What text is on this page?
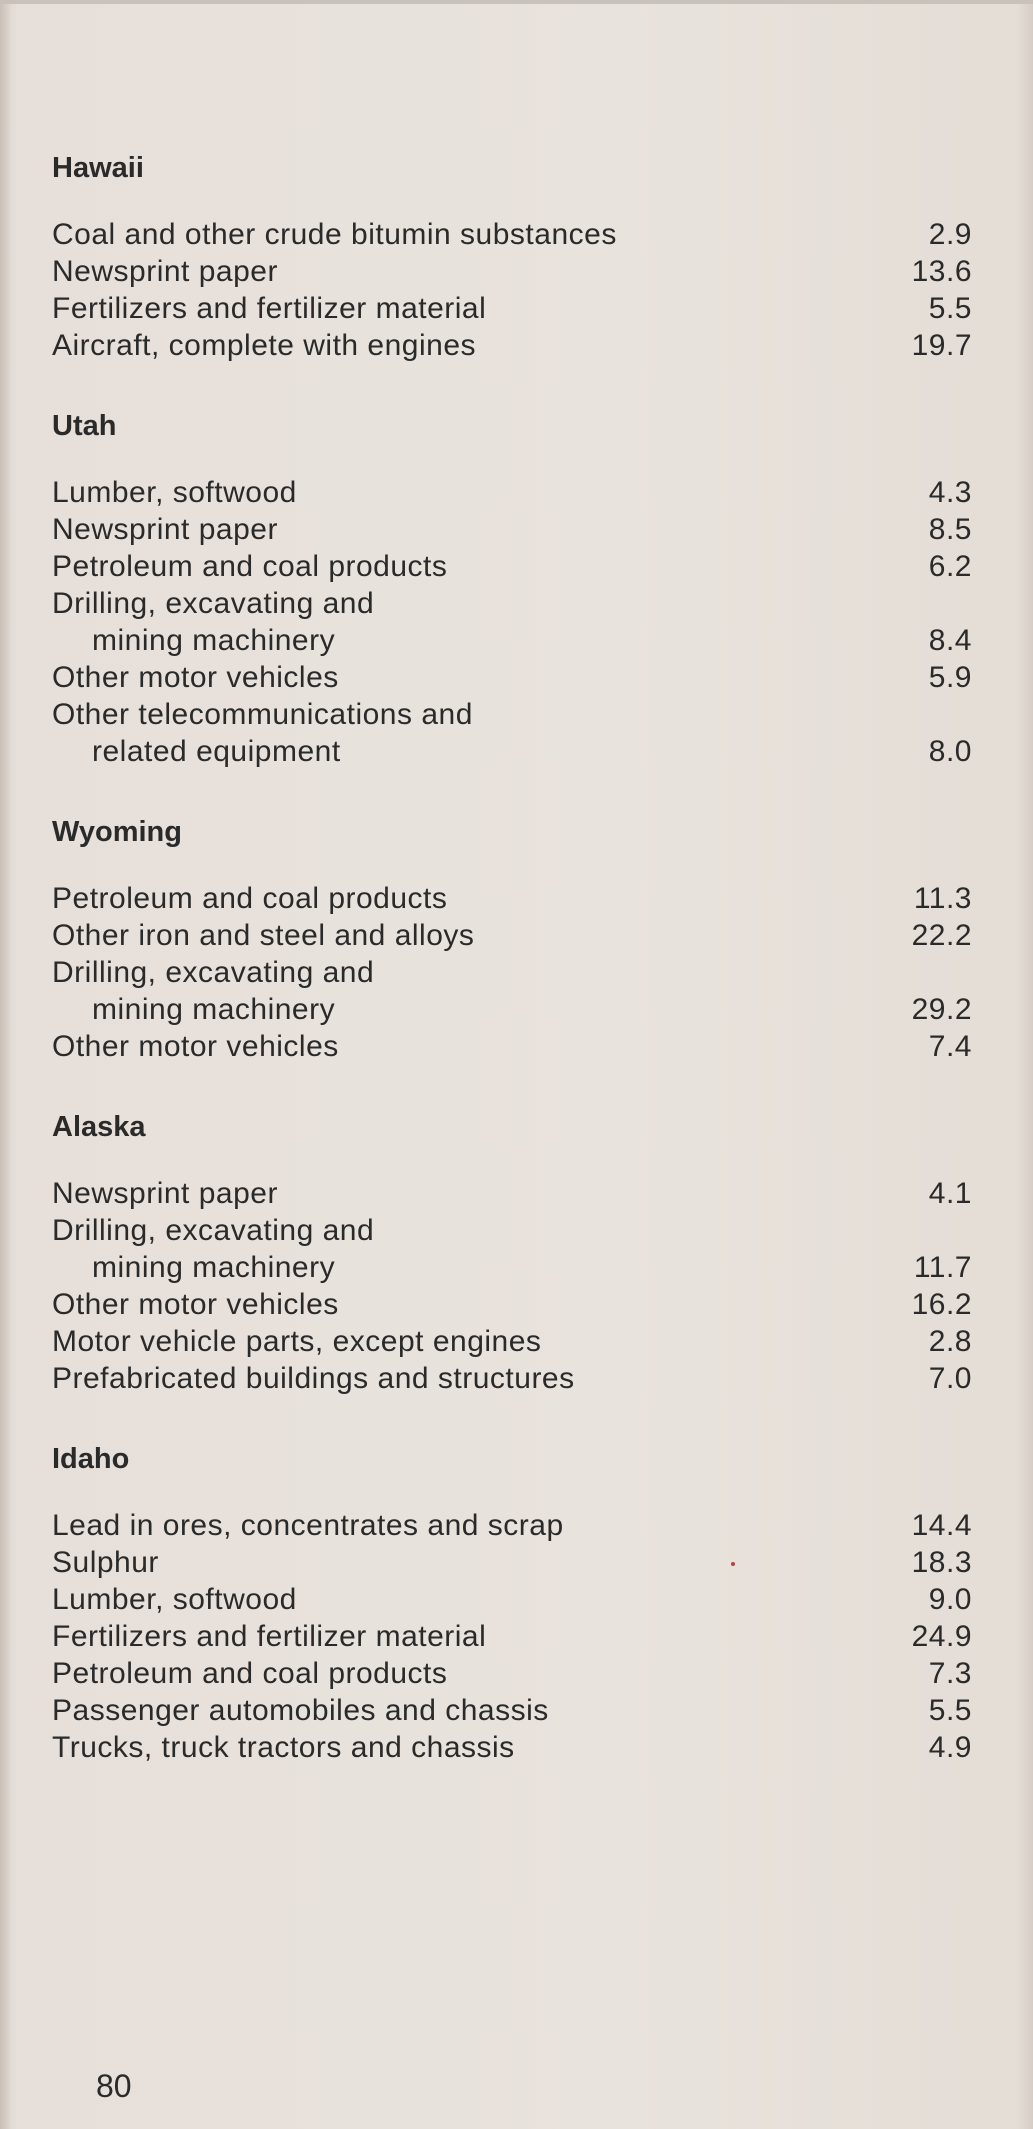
Hawaii
Coal and other crude bitumin substances	2.9
Newsprint paper	13.6
Fertilizers and fertilizer material	5.5
Aircraft, complete with engines	19.7
Utah
Lumber, softwood	4.3
Newsprint paper	8.5
Petroleum and coal products	6.2
Drilling, excavating and
mining machinery	8.4
Other motor vehicles	5.9
Other telecommunications and
related equipment	8.0
Wyoming
Petroleum and coal products	11.3
Other iron and steel and alloys	22.2
Drilling, excavating and
mining machinery	29.2
Other motor vehicles	7.4
Alaska
Newsprint paper	4.1
Drilling, excavating and
mining machinery	11.7
Other motor vehicles	16.2
Motor vehicle parts, except engines	2.8
Prefabricated buildings and structures	7.0
Idaho
Lead in ores, concentrates and scrap	14.4
Sulphur	18.3
Lumber, softwood	9.0
Fertilizers and fertilizer material	24.9
Petroleum and coal products	7.3
Passenger automobiles and chassis	5.5
Trucks, truck tractors and chassis	4.9
80
